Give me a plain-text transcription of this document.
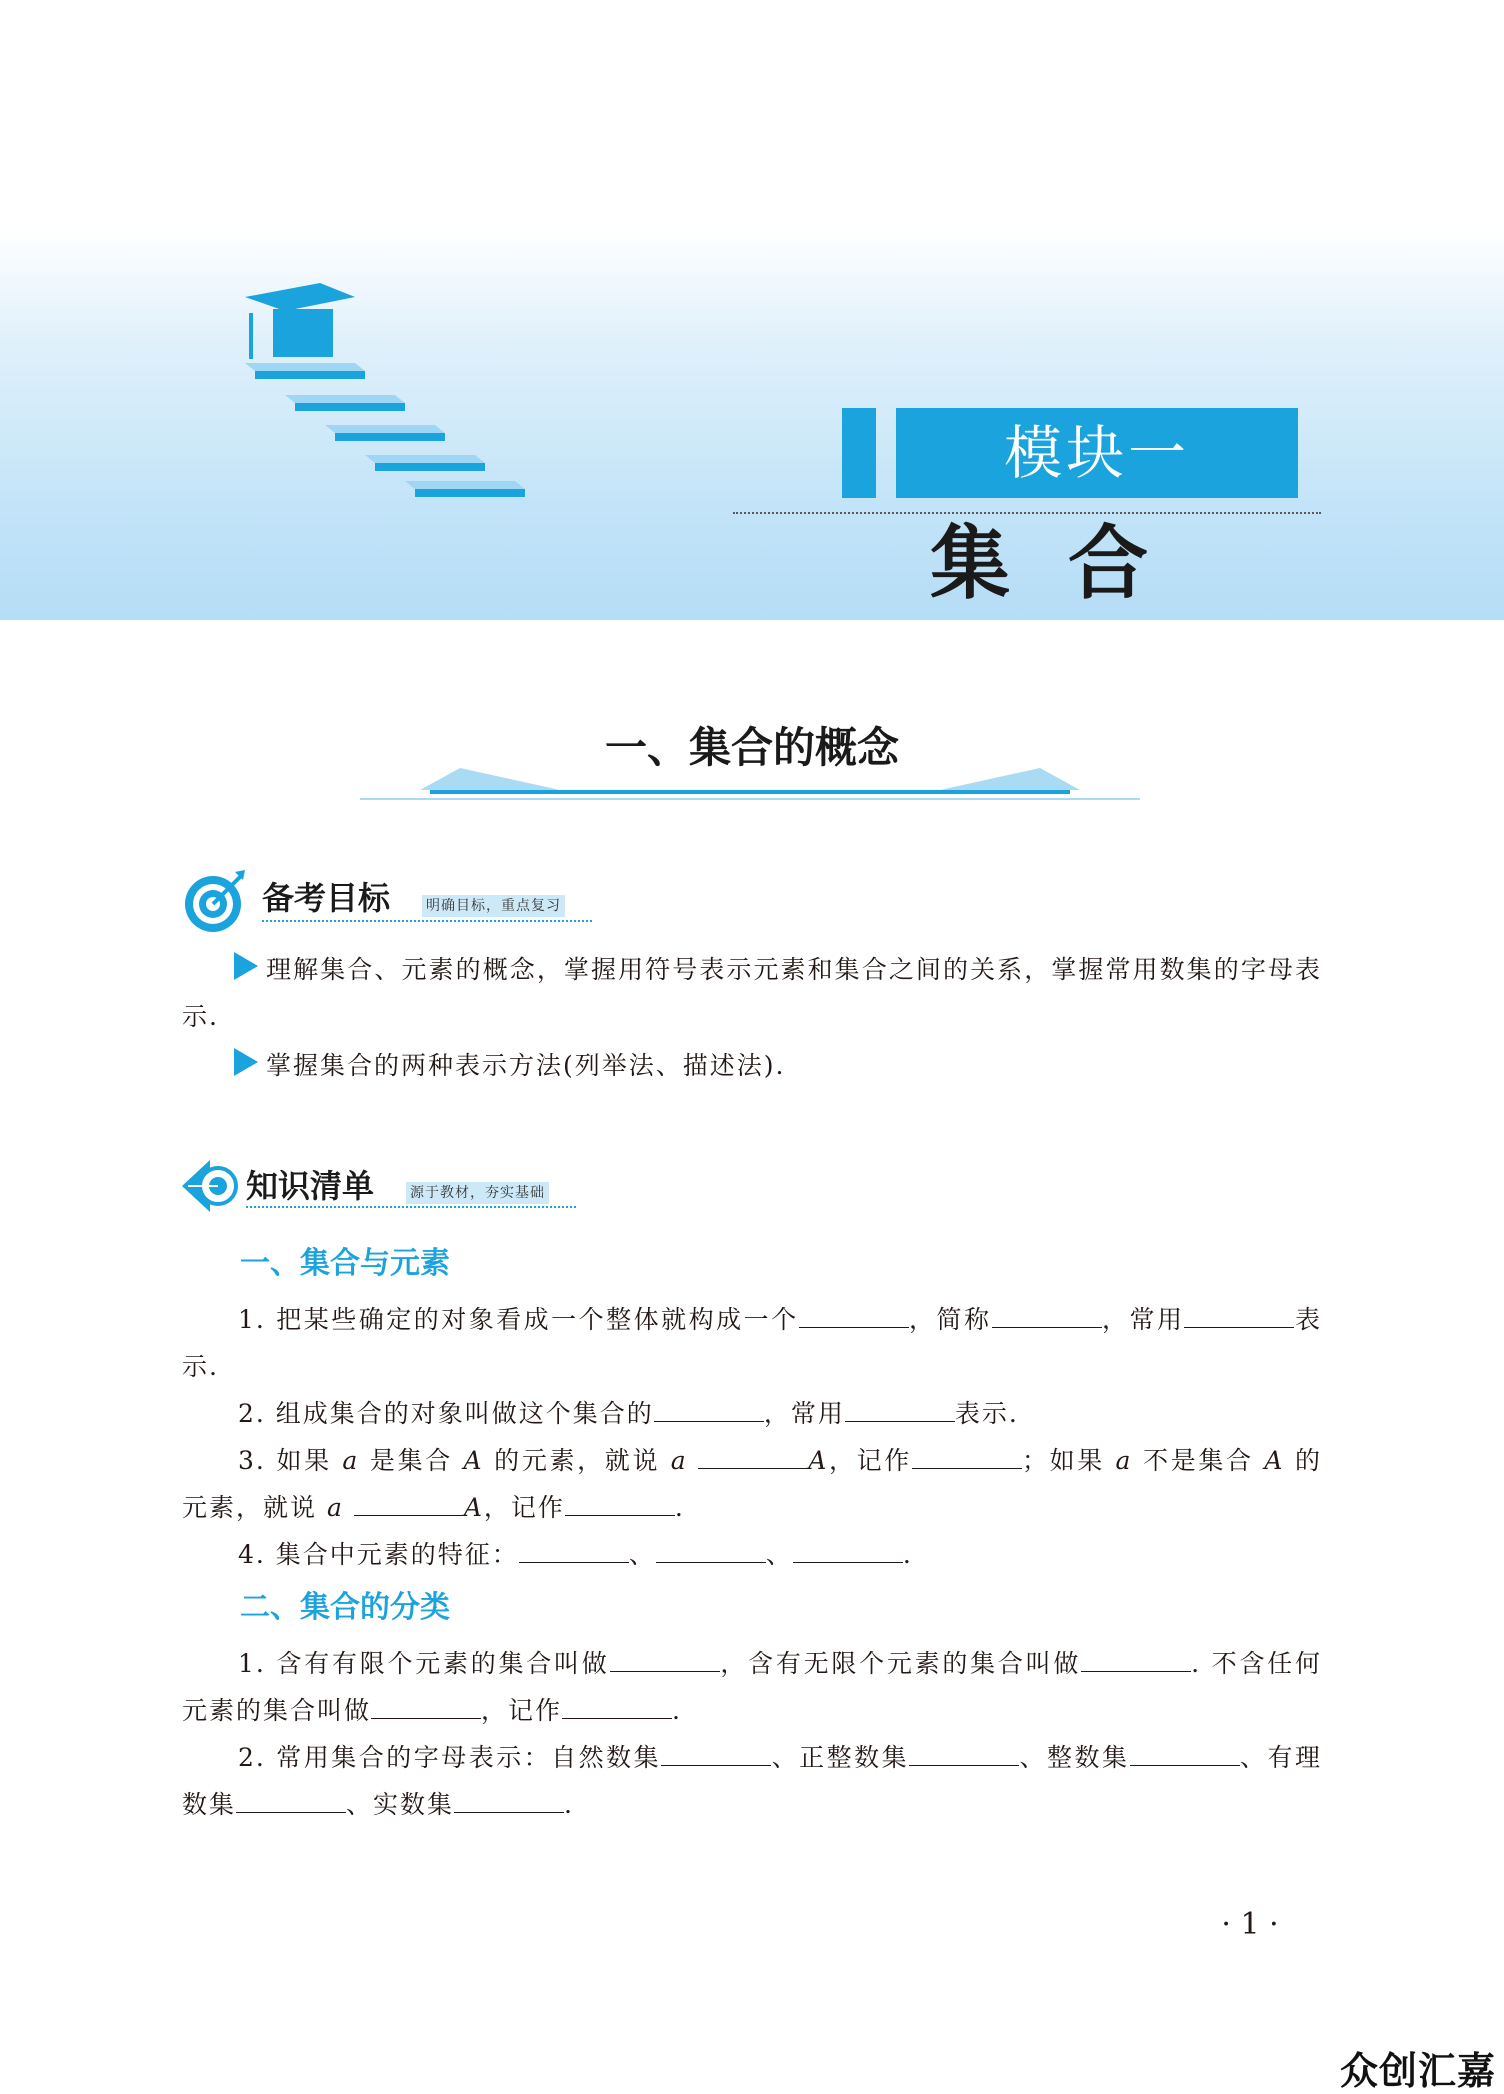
模块一
集合
一、集合的概念
备考目标	明确目标，重点复习
理解集合、元素的概念，掌握用符号表示元素和集合之间的关系，掌握常用数集的字母表示.
掌握集合的两种表示方法(列举法、描述法).
知识清单	源于教材，夯实基础
一、集合与元素
1. 把某些确定的对象看成一个整体就构成一个	，简称	，常用	表示.
2. 组成集合的对象叫做这个集合的	，常用	表示.
3. 如果 a 是集合 A 的元素，就说 a	A，记作	；如果 a 不是集合 A 的元素，就说 a	A，记作	.
4. 集合中元素的特征：	、	、	.
二、集合的分类
1. 含有有限个元素的集合叫做	，含有无限个元素的集合叫做	. 不含任何元素的集合叫做	，记作	.
2. 常用集合的字母表示：自然数集	、正整数集	、整数集	、有理数集	、实数集	.
· 1 ·
众创汇嘉
